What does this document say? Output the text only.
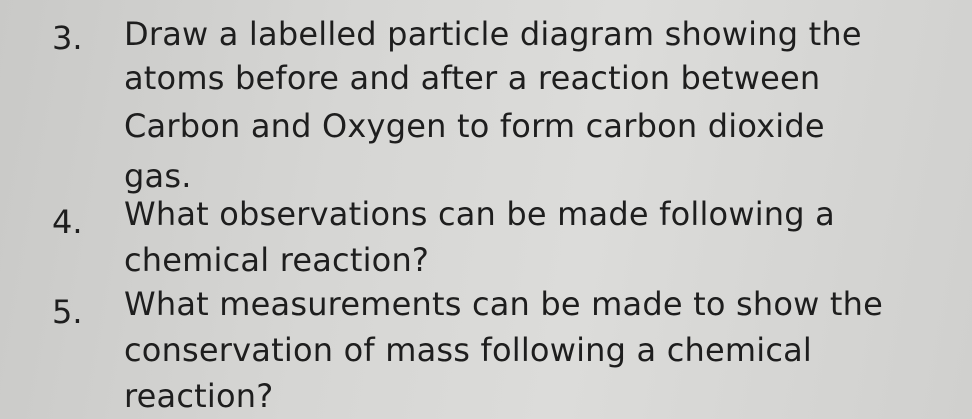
3. Draw a labelled particle diagram showing the
atoms before and after a reaction between
Carbon and Oxygen to form carbon dioxide
gas.
4. What observations can be made following a
chemical reaction?
5. What measurements can be made to show the
conservation of mass following a chemical
reaction?
